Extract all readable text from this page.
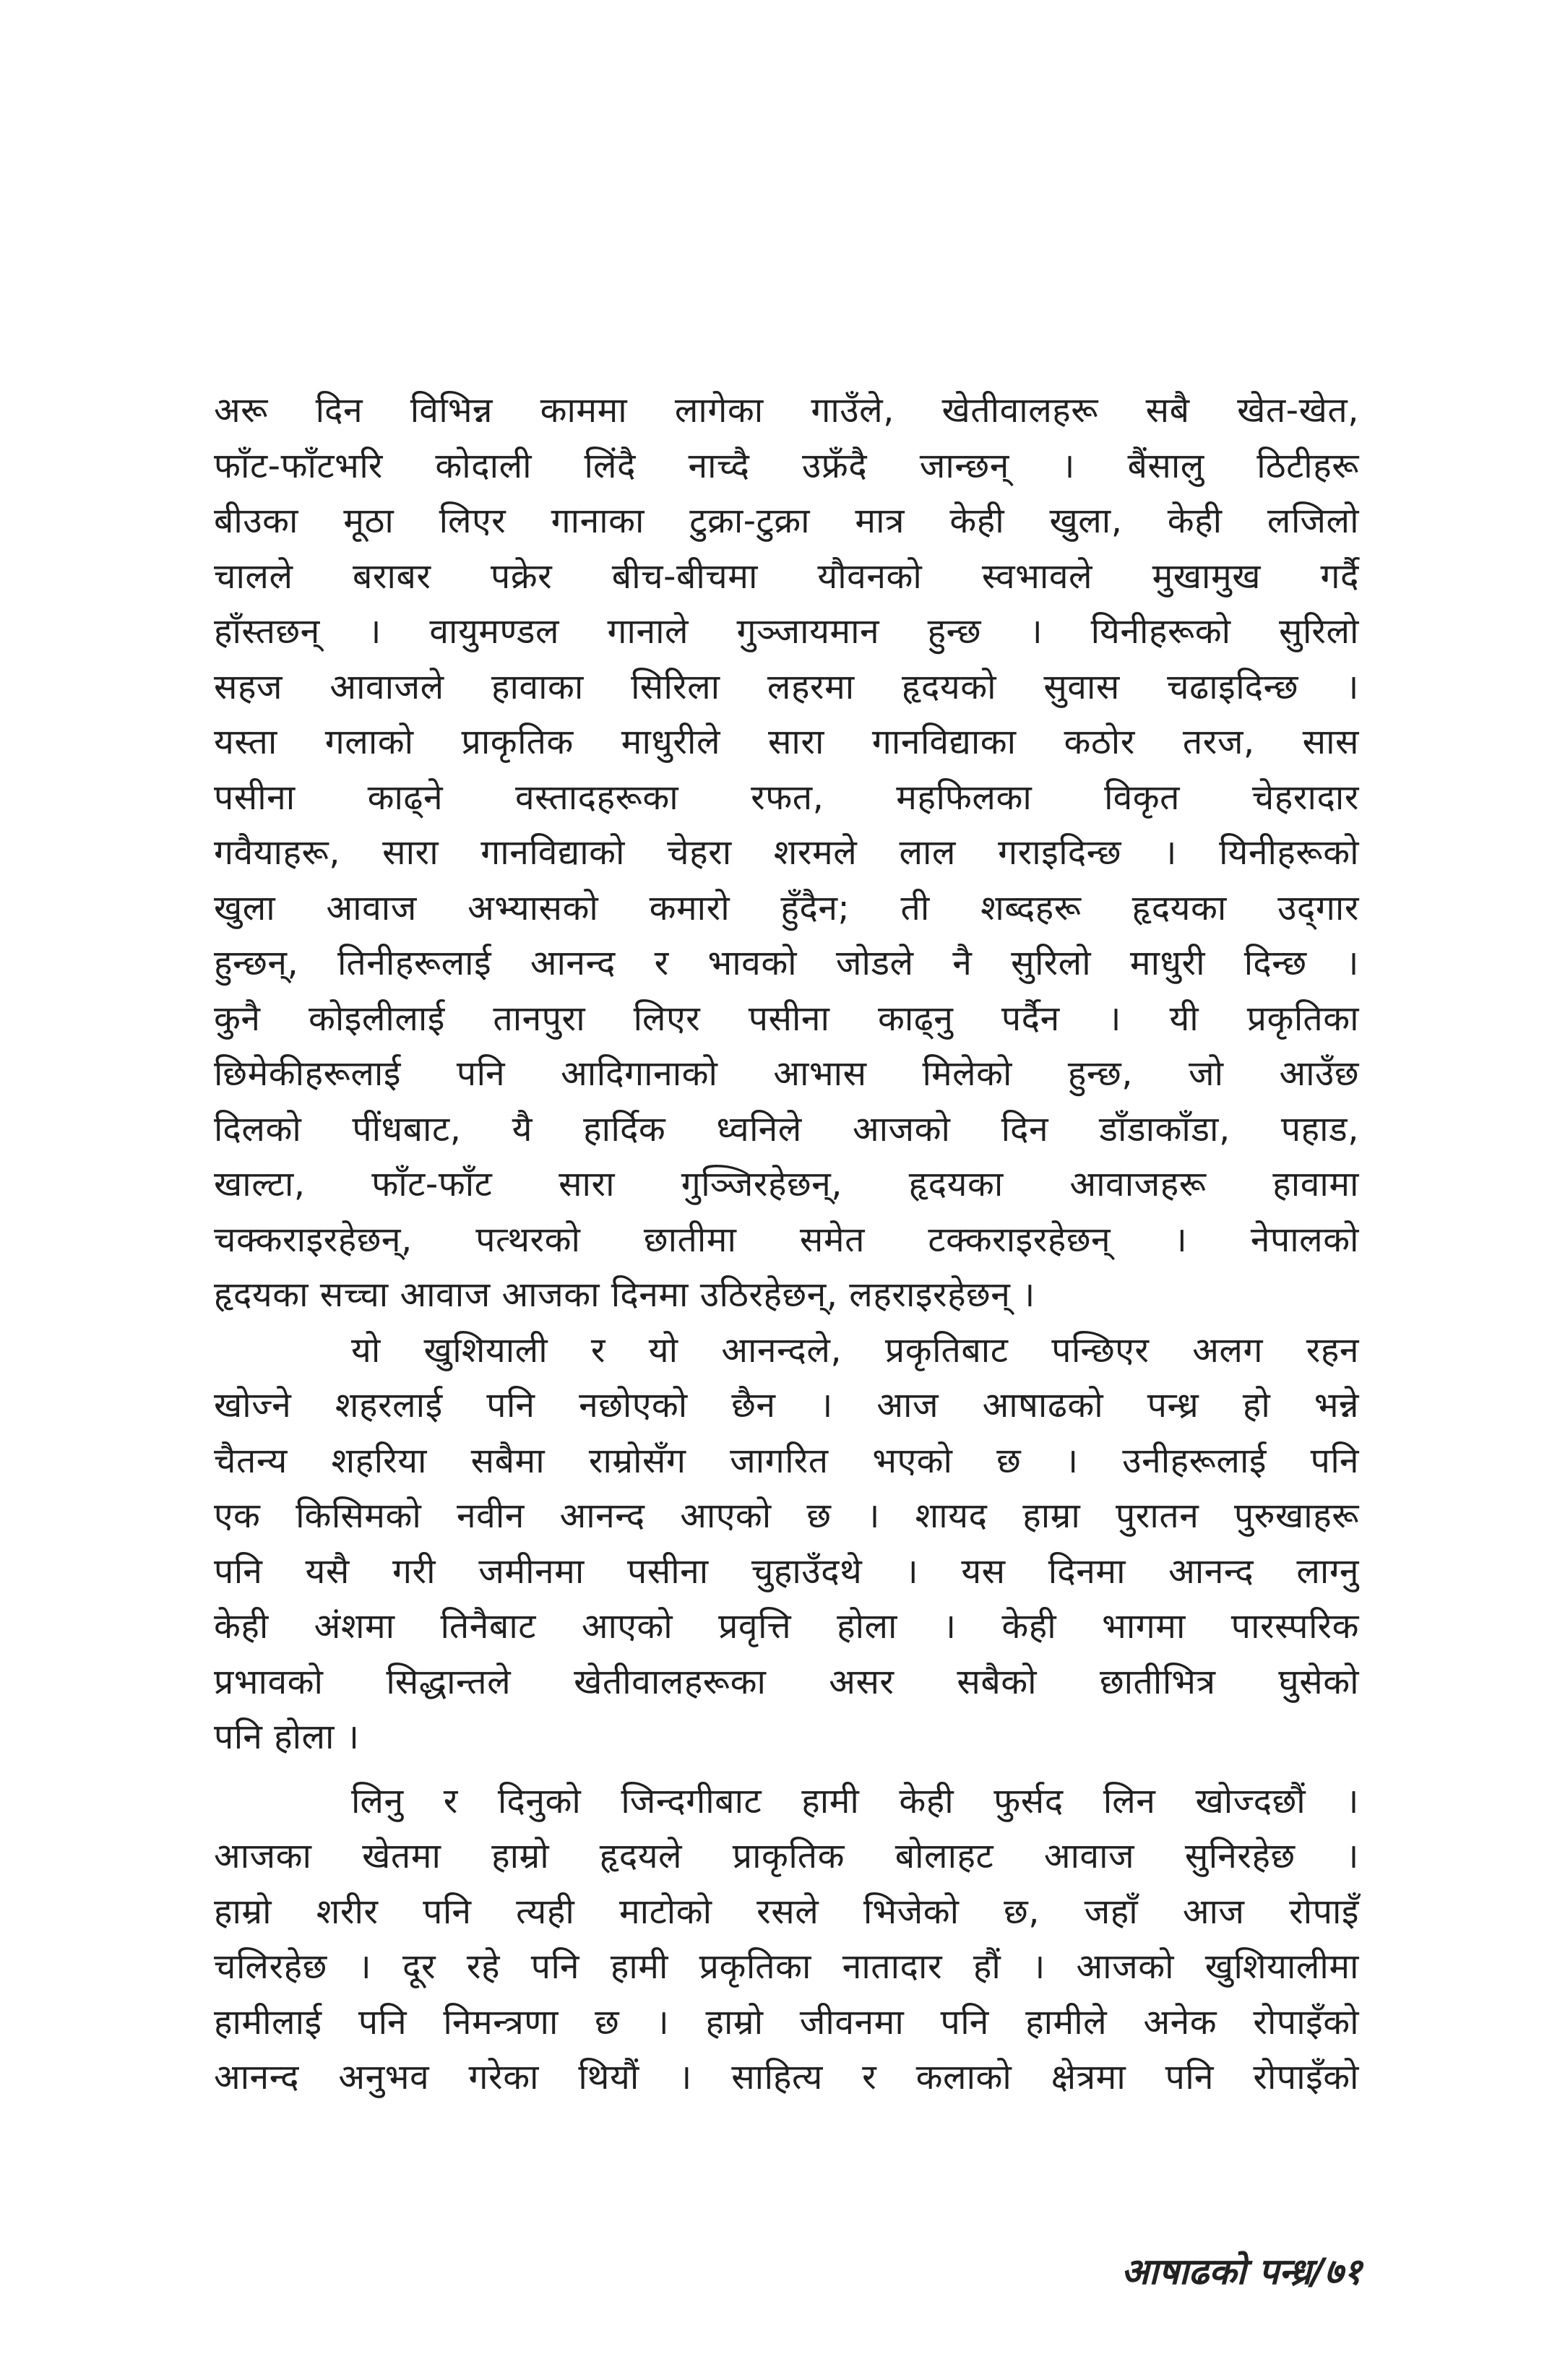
अरू दिन विभिन्न काममा लागेका गाउँले, खेतीवालहरू सबै खेत-खेत,
फाँट-फाँटभरि कोदाली लिंदै नाच्दै उफ्रँदै जान्छन् । बैंसालु ठिटीहरू
बीउका मूठा लिएर गानाका टुक्रा-टुक्रा मात्र केही खुला, केही लजिलो
चालले बराबर पक्रेर बीच-बीचमा यौवनको स्वभावले मुखामुख गर्दै
हाँस्तछन् । वायुमण्डल गानाले गुञ्जायमान हुन्छ । यिनीहरूको सुरिलो
सहज आवाजले हावाका सिरिला लहरमा हृदयको सुवास चढाइदिन्छ ।
यस्ता गलाको प्राकृतिक माधुरीले सारा गानविद्याका कठोर तरज, सास
पसीना काढ्ने वस्तादहरूका रफत, महफिलका विकृत चेहरादार
गवैयाहरू, सारा गानविद्याको चेहरा शरमले लाल गराइदिन्छ । यिनीहरूको
खुला आवाज अभ्यासको कमारो हुँदैन; ती शब्दहरू हृदयका उद्‌गार
हुन्छन्, तिनीहरूलाई आनन्द र भावको जोडले नै सुरिलो माधुरी दिन्छ ।
कुनै कोइलीलाई तानपुरा लिएर पसीना काढ्नु पर्दैन । यी प्रकृतिका
छिमेकीहरूलाई पनि आदिगानाको आभास मिलेको हुन्छ, जो आउँछ
दिलको पींधबाट, यै हार्दिक ध्वनिले आजको दिन डाँडाकाँडा, पहाड,
खाल्टा, फाँट-फाँट सारा गुञ्जिरहेछन्, हृदयका आवाजहरू हावामा
चक्कराइरहेछन्, पत्थरको छातीमा समेत टक्कराइरहेछन् । नेपालको
हृदयका सच्चा आवाज आजका दिनमा उठिरहेछन्, लहराइरहेछन् ।
यो खुशियाली र यो आनन्दले, प्रकृतिबाट पन्छिएर अलग रहन
खोज्ने शहरलाई पनि नछोएको छैन । आज आषाढको पन्ध्र हो भन्ने
चैतन्य शहरिया सबैमा राम्रोसँग जागरित भएको छ । उनीहरूलाई पनि
एक किसिमको नवीन आनन्द आएको छ । शायद हाम्रा पुरातन पुरुखाहरू
पनि यसै गरी जमीनमा पसीना चुहाउँदथे । यस दिनमा आनन्द लाग्नु
केही अंशमा तिनैबाट आएको प्रवृत्ति होला । केही भागमा पारस्परिक
प्रभावको सिद्धान्तले खेतीवालहरूका असर सबैको छातीभित्र घुसेको
पनि होला ।
लिनु र दिनुको जिन्दगीबाट हामी केही फुर्सद लिन खोज्दछौं ।
आजका खेतमा हाम्रो हृदयले प्राकृतिक बोलाहट आवाज सुनिरहेछ ।
हाम्रो शरीर पनि त्यही माटोको रसले भिजेको छ, जहाँ आज रोपाइँ
चलिरहेछ । दूर रहे पनि हामी प्रकृतिका नातादार हौं । आजको खुशियालीमा
हामीलाई पनि निमन्त्रणा छ । हाम्रो जीवनमा पनि हामीले अनेक रोपाइँको
आनन्द अनुभव गरेका थियौं । साहित्य र कलाको क्षेत्रमा पनि रोपाइँको
आषाढको पन्ध्र/७१
